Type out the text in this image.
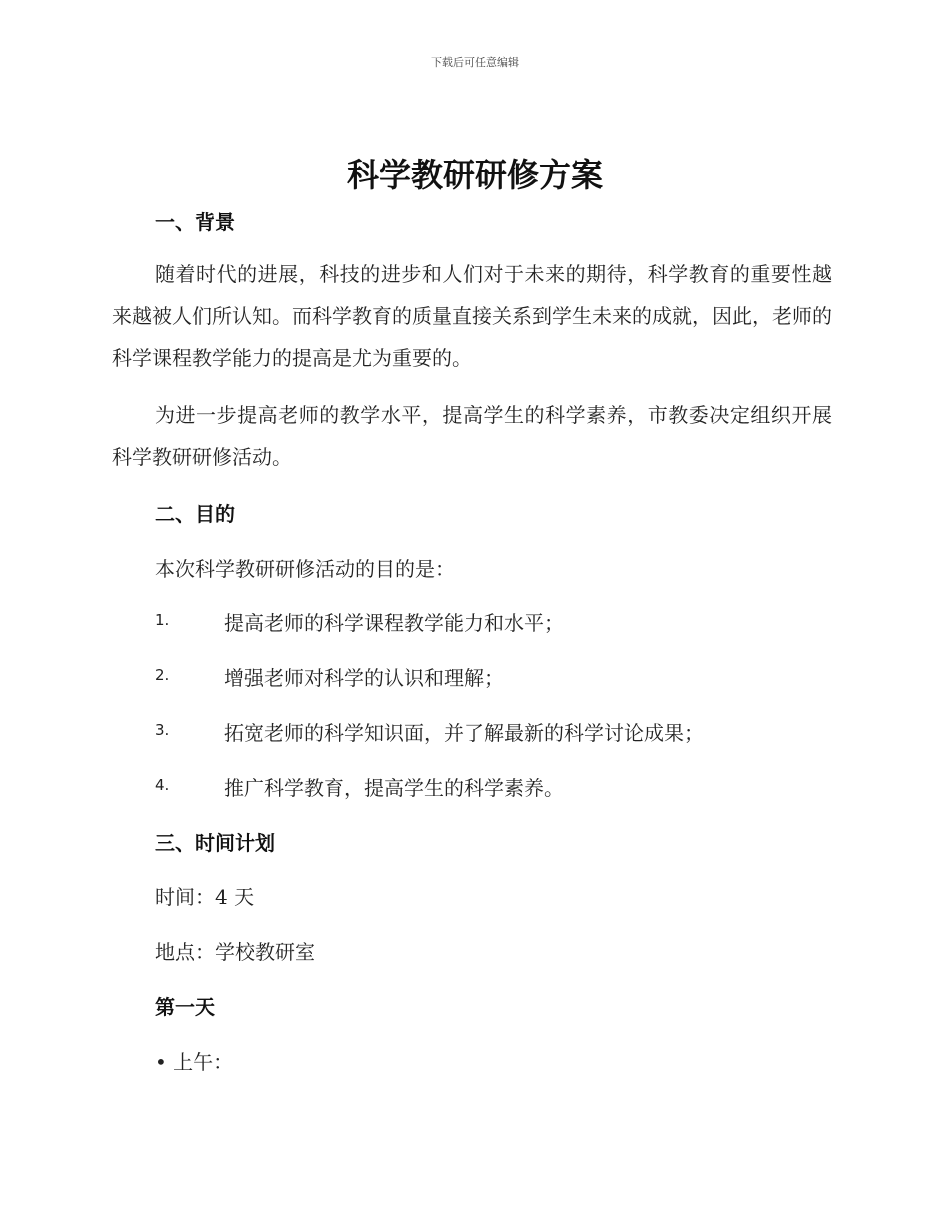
下载后可任意编辑
科学教研研修方案
一、背景
随着时代的进展，科技的进步和人们对于未来的期待，科学教育的重要性越来越被人们所认知。而科学教育的质量直接关系到学生未来的成就，因此，老师的科学课程教学能力的提高是尤为重要的。
为进一步提高老师的教学水平，提高学生的科学素养，市教委决定组织开展科学教研研修活动。
二、目的
本次科学教研研修活动的目的是：
1.	提高老师的科学课程教学能力和水平；
2.	增强老师对科学的认识和理解；
3.	拓宽老师的科学知识面，并了解最新的科学讨论成果；
4.	推广科学教育，提高学生的科学素养。
三、时间计划
时间：4 天
地点：学校教研室
第一天
• 上午：
